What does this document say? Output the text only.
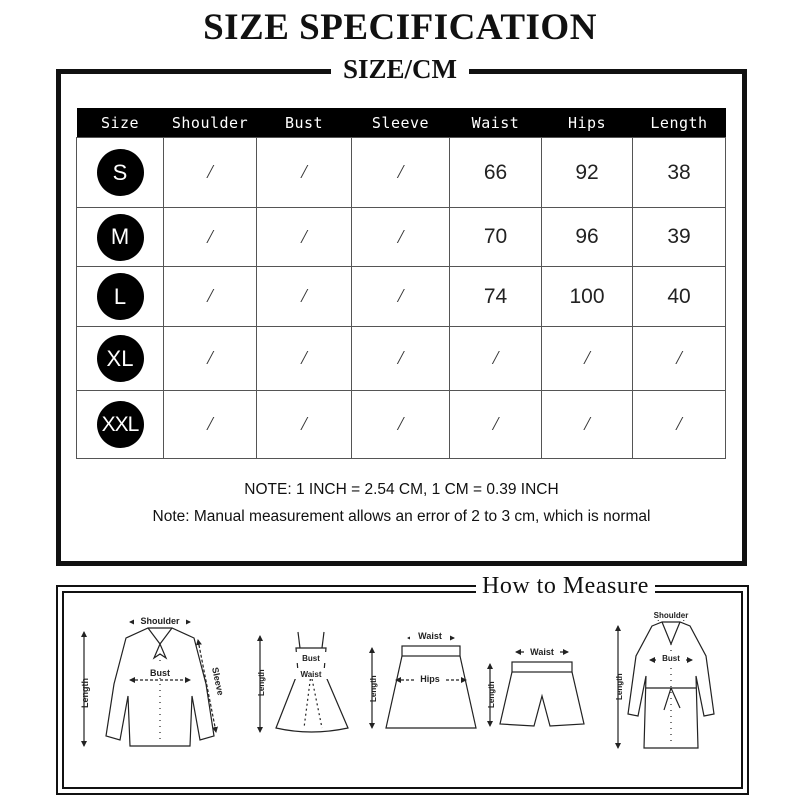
SIZE SPECIFICATION
SIZE/CM
Size	Shoulder	Bust	Sleeve	Waist	Hips	Length
S	/	/	/	66	92	38
M	/	/	/	70	96	39
L	/	/	/	74	100	40
XL	/	/	/	/	/	/
XXL	/	/	/	/	/	/
NOTE: 1 INCH = 2.54 CM, 1 CM = 0.39 INCH
Note: Manual measurement allows an error of 2 to 3 cm, which is normal
How to Measure
Shoulder
Bust	Sleeve
Length
Bust
Waist
Length
Waist
Hips
Length
Waist
Length
Shoulder
Bust
Length
